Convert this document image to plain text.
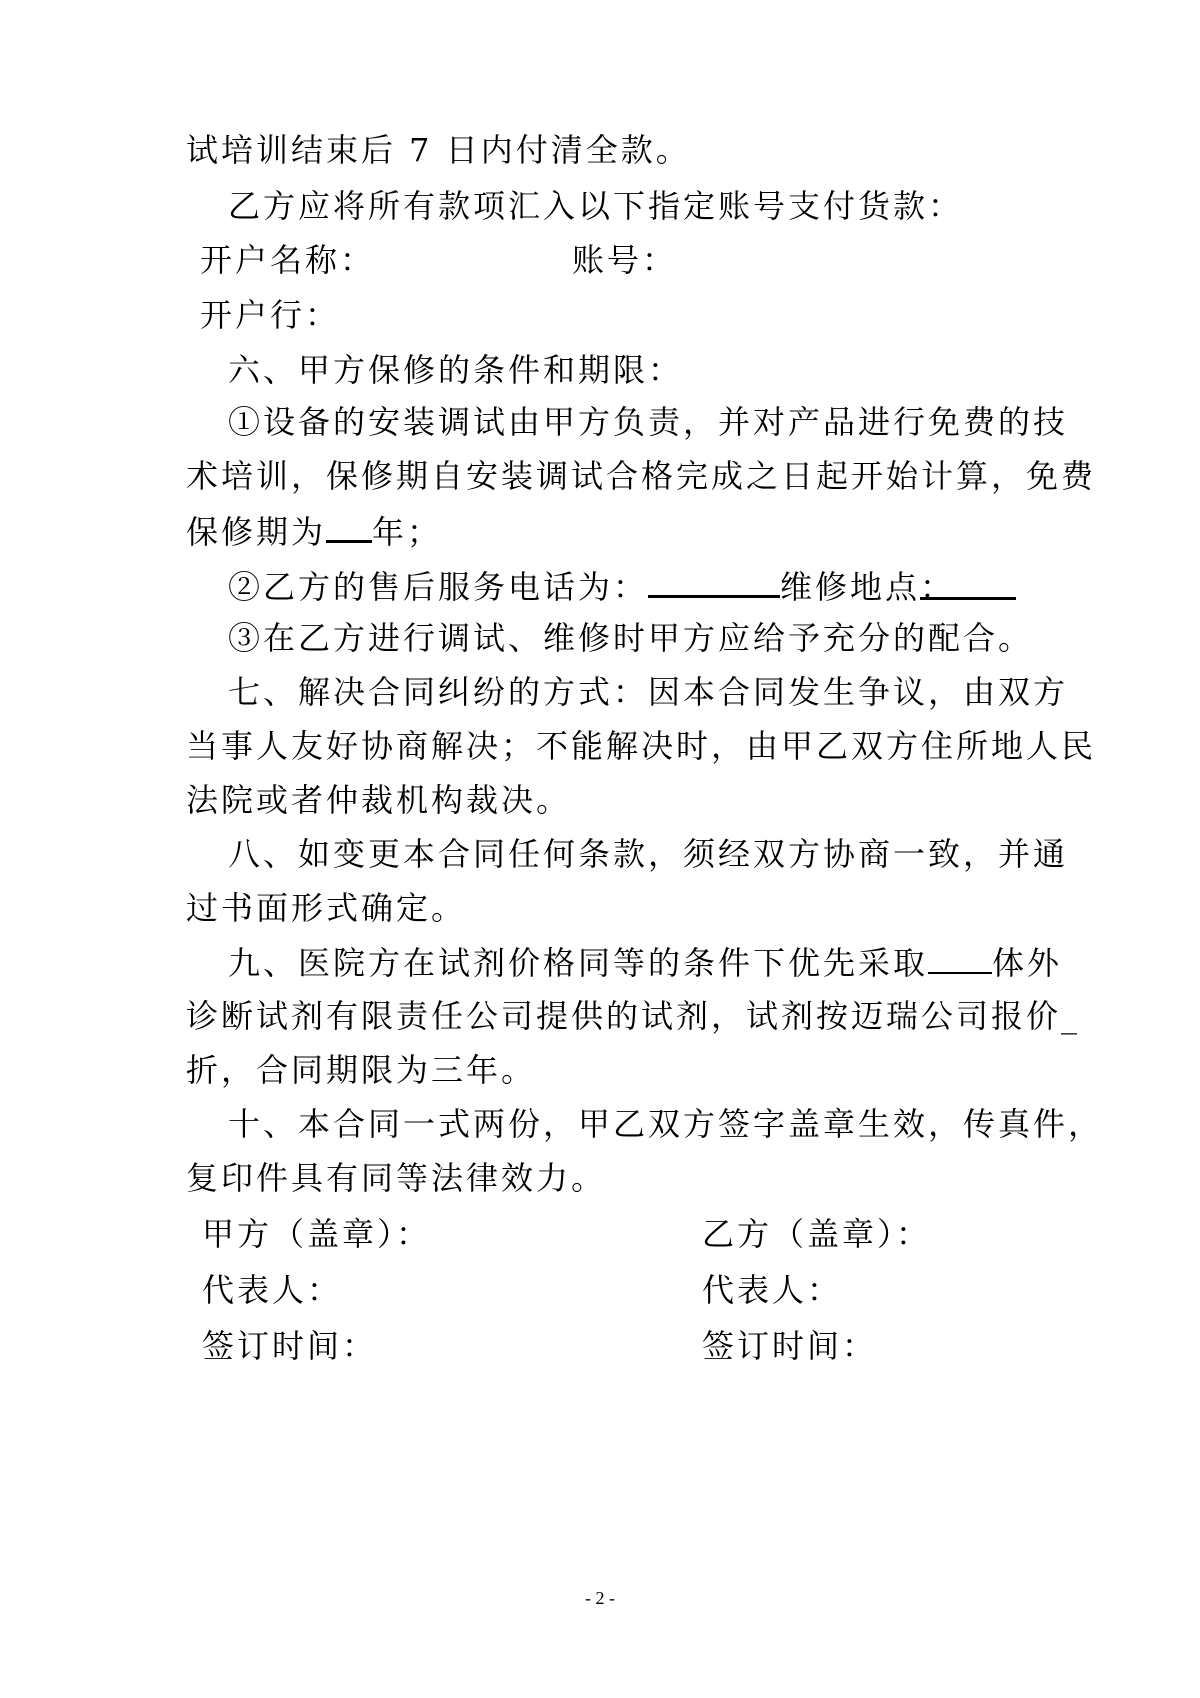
试培训结束后 7 日内付清全款。
乙方应将所有款项汇入以下指定账号支付货款：
开户名称：	账号：
开户行：
六、甲方保修的条件和期限：
①设备的安装调试由甲方负责，并对产品进行免费的技
术培训，保修期自安装调试合格完成之日起开始计算，免费
保修期为 年；
②乙方的售后服务电话为：	维修地点：
③在乙方进行调试、维修时甲方应给予充分的配合。
七、解决合同纠纷的方式：因本合同发生争议，由双方
当事人友好协商解决；不能解决时，由甲乙双方住所地人民
法院或者仲裁机构裁决。
八、如变更本合同任何条款，须经双方协商一致，并通
过书面形式确定。
九、医院方在试剂价格同等的条件下优先采取 体外
诊断试剂有限责任公司提供的试剂，试剂按迈瑞公司报价_
折，合同期限为三年。
十、本合同一式两份，甲乙双方签字盖章生效，传真件，
复印件具有同等法律效力。
甲方（盖章）：	乙方（盖章）：
代表人：	代表人：
签订时间：	签订时间：
- 2 -
